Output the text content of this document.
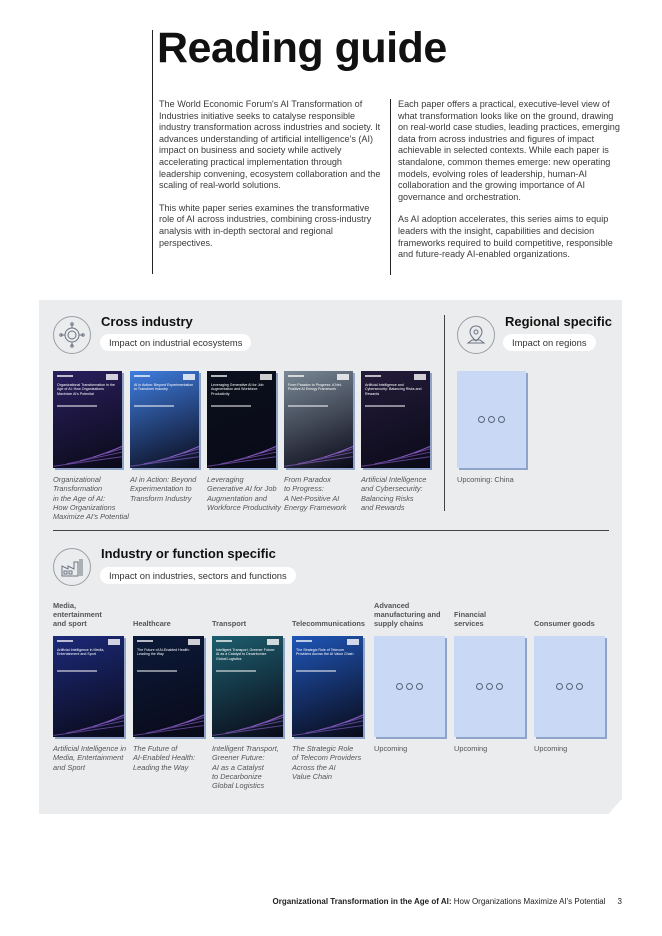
Reading guide

The World Economic Forum's AI Transformation of Industries initiative seeks to catalyse responsible industry transformation across industries and society. It advances understanding of artificial intelligence's (AI) impact on business and society while actively accelerating practical implementation through leadership convening, ecosystem collaboration and the scaling of real-world solutions.

This white paper series examines the transformative role of AI across industries, combining cross-industry analysis with in-depth sectoral and regional perspectives.

Each paper offers a practical, executive-level view of what transformation looks like on the ground, drawing on real-world case studies, leading practices, emerging data from across industries and figures of impact achievable in selected contexts. While each paper is standalone, common themes emerge: new operating models, evolving roles of leadership, human-AI collaboration and the growing importance of AI governance and orchestration.

As AI adoption accelerates, this series aims to equip leaders with the insight, capabilities and decision frameworks required to build competitive, responsible and future-ready AI-enabled organizations.

Cross industry
Impact on industrial ecosystems
Regional specific
Impact on regions
Organizational Transformation in the Age of AI: How Organizations Maximize AI's Potential
Organizational
Transformation
in the Age of AI:
How Organizations
Maximize AI's Potential
AI in Action: Beyond Experimentation to Transform Industry
AI in Action: Beyond
Experimentation to
Transform Industry
Leveraging Generative AI for Job Augmentation and Workforce Productivity
Leveraging
Generative AI for Job
Augmentation and
Workforce Productivity
From Paradox to Progress: A Net-Positive AI Energy Framework
From Paradox
to Progress:
A Net-Positive AI
Energy Framework
Artificial Intelligence and Cybersecurity: Balancing Risks and Rewards
Artificial Intelligence
and Cybersecurity:
Balancing Risks
and Rewards
Upcoming: China
Industry or function specific
Impact on industries, sectors and functions
Media,
entertainment
and sport
Artificial Intelligence in Media, Entertainment and Sport
Artificial Intelligence in
Media, Entertainment
and Sport
Healthcare
The Future of AI-Enabled Health: Leading the Way
The Future of
AI-Enabled Health:
Leading the Way
Transport
Intelligent Transport, Greener Future: AI as a Catalyst to Decarbonize Global Logistics
Intelligent Transport,
Greener Future:
AI as a Catalyst
to Decarbonize
Global Logistics
Telecommunications
The Strategic Role of Telecom Providers Across the AI Value Chain
The Strategic Role
of Telecom Providers
Across the AI
Value Chain
Advanced
manufacturing and
supply chains
Upcoming
Financial
services
Upcoming
Consumer goods
Upcoming
Organizational Transformation in the Age of AI: How Organizations Maximize AI's Potential 3
